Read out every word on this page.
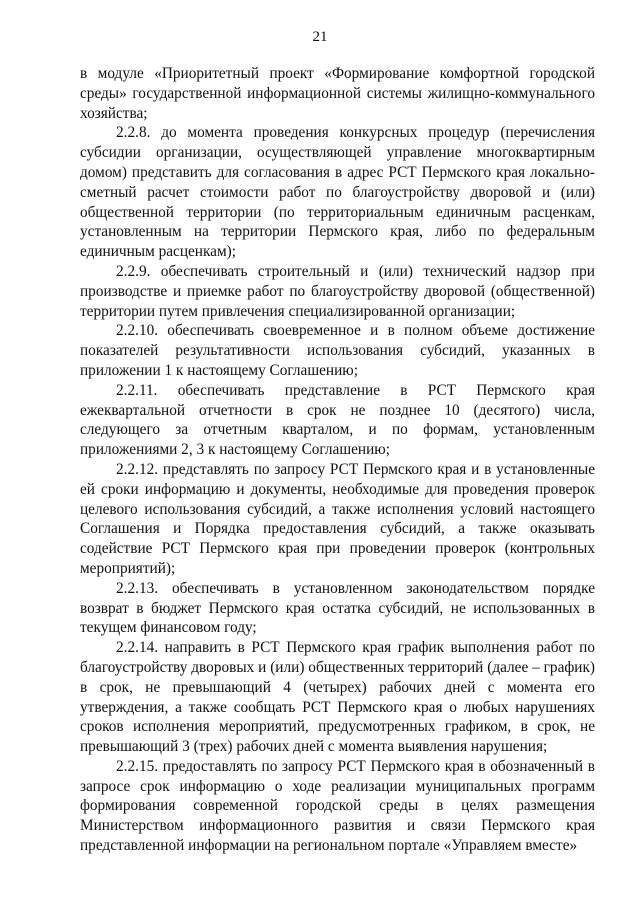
21

в модуле «Приоритетный проект «Формирование комфортной городской среды» государственной информационной системы жилищно-коммунального хозяйства;

2.2.8. до момента проведения конкурсных процедур (перечисления субсидии организации, осуществляющей управление многоквартирным домом) представить для согласования в адрес РСТ Пермского края локально-сметный расчет стоимости работ по благоустройству дворовой и (или) общественной территории (по территориальным единичным расценкам, установленным на территории Пермского края, либо по федеральным единичным расценкам);

2.2.9. обеспечивать строительный и (или) технический надзор при производстве и приемке работ по благоустройству дворовой (общественной) территории путем привлечения специализированной организации;

2.2.10. обеспечивать своевременное и в полном объеме достижение показателей результативности использования субсидий, указанных в приложении 1 к настоящему Соглашению;

2.2.11. обеспечивать представление в РСТ Пермского края ежеквартальной отчетности в срок не позднее 10 (десятого) числа, следующего за отчетным кварталом, и по формам, установленным приложениями 2, 3 к настоящему Соглашению;

2.2.12. представлять по запросу РСТ Пермского края и в установленные ей сроки информацию и документы, необходимые для проведения проверок целевого использования субсидий, а также исполнения условий настоящего Соглашения и Порядка предоставления субсидий, а также оказывать содействие РСТ Пермского края при проведении проверок (контрольных мероприятий);

2.2.13. обеспечивать в установленном законодательством порядке возврат в бюджет Пермского края остатка субсидий, не использованных в текущем финансовом году;

2.2.14. направить в РСТ Пермского края график выполнения работ по благоустройству дворовых и (или) общественных территорий (далее – график) в срок, не превышающий 4 (четырех) рабочих дней с момента его утверждения, а также сообщать РСТ Пермского края о любых нарушениях сроков исполнения мероприятий, предусмотренных графиком, в срок, не превышающий 3 (трех) рабочих дней с момента выявления нарушения;

2.2.15. предоставлять по запросу РСТ Пермского края в обозначенный в запросе срок информацию о ходе реализации муниципальных программ формирования современной городской среды в целях размещения Министерством информационного развития и связи Пермского края представленной информации на региональном портале «Управляем вместе»
